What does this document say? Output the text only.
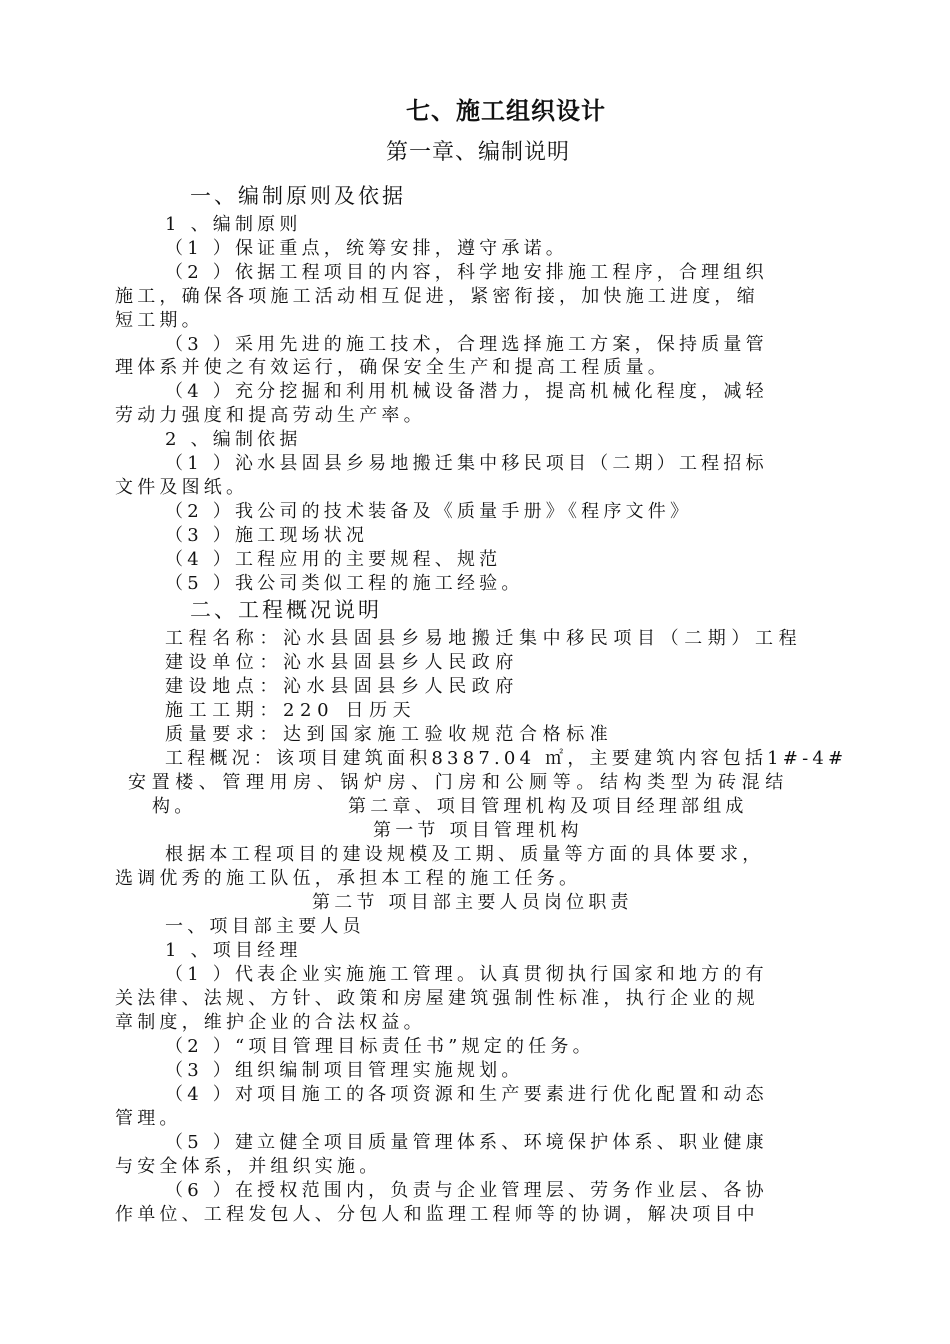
七、施工组织设计
第一章、编制说明
一、编制原则及依据
1 、编制原则
（1 ）保证重点，统筹安排，遵守承诺。
（2 ）依据工程项目的内容，科学地安排施工程序，合理组织
施工，确保各项施工活动相互促进，紧密衔接，加快施工进度，缩
短工期。
（3 ）采用先进的施工技术，合理选择施工方案，保持质量管
理体系并使之有效运行，确保安全生产和提高工程质量。
（4 ）充分挖掘和利用机械设备潜力，提高机械化程度，减轻
劳动力强度和提高劳动生产率。
2 、编制依据
（1 ）沁水县固县乡易地搬迁集中移民项目（二期）工程招标
文件及图纸。
（2 ）我公司的技术装备及《质量手册》《程序文件》
（3 ）施工现场状况
（4 ）工程应用的主要规程、规范
（5 ）我公司类似工程的施工经验。
二、工程概况说明
工程名称：沁水县固县乡易地搬迁集中移民项目（二期）工程
建设单位：沁水县固县乡人民政府
建设地点：沁水县固县乡人民政府
施工工期：220 日历天
质量要求：达到国家施工验收规范合格标准
工程概况：该项目建筑面积8387.04 ㎡，主要建筑内容包括1#-4#
安置楼、管理用房、锅炉房、门房和公厕等。结构类型为砖混结
构。	第二章、项目管理机构及项目经理部组成
第一节 项目管理机构
根据本工程项目的建设规模及工期、质量等方面的具体要求，
选调优秀的施工队伍，承担本工程的施工任务。
第二节 项目部主要人员岗位职责
一、项目部主要人员
1 、项目经理
（1 ）代表企业实施施工管理。认真贯彻执行国家和地方的有
关法律、法规、方针、政策和房屋建筑强制性标准，执行企业的规
章制度，维护企业的合法权益。
（2 ）“项目管理目标责任书”规定的任务。
（3 ）组织编制项目管理实施规划。
（4 ）对项目施工的各项资源和生产要素进行优化配置和动态
管理。
（5 ）建立健全项目质量管理体系、环境保护体系、职业健康
与安全体系，并组织实施。
（6 ）在授权范围内，负责与企业管理层、劳务作业层、各协
作单位、工程发包人、分包人和监理工程师等的协调，解决项目中
